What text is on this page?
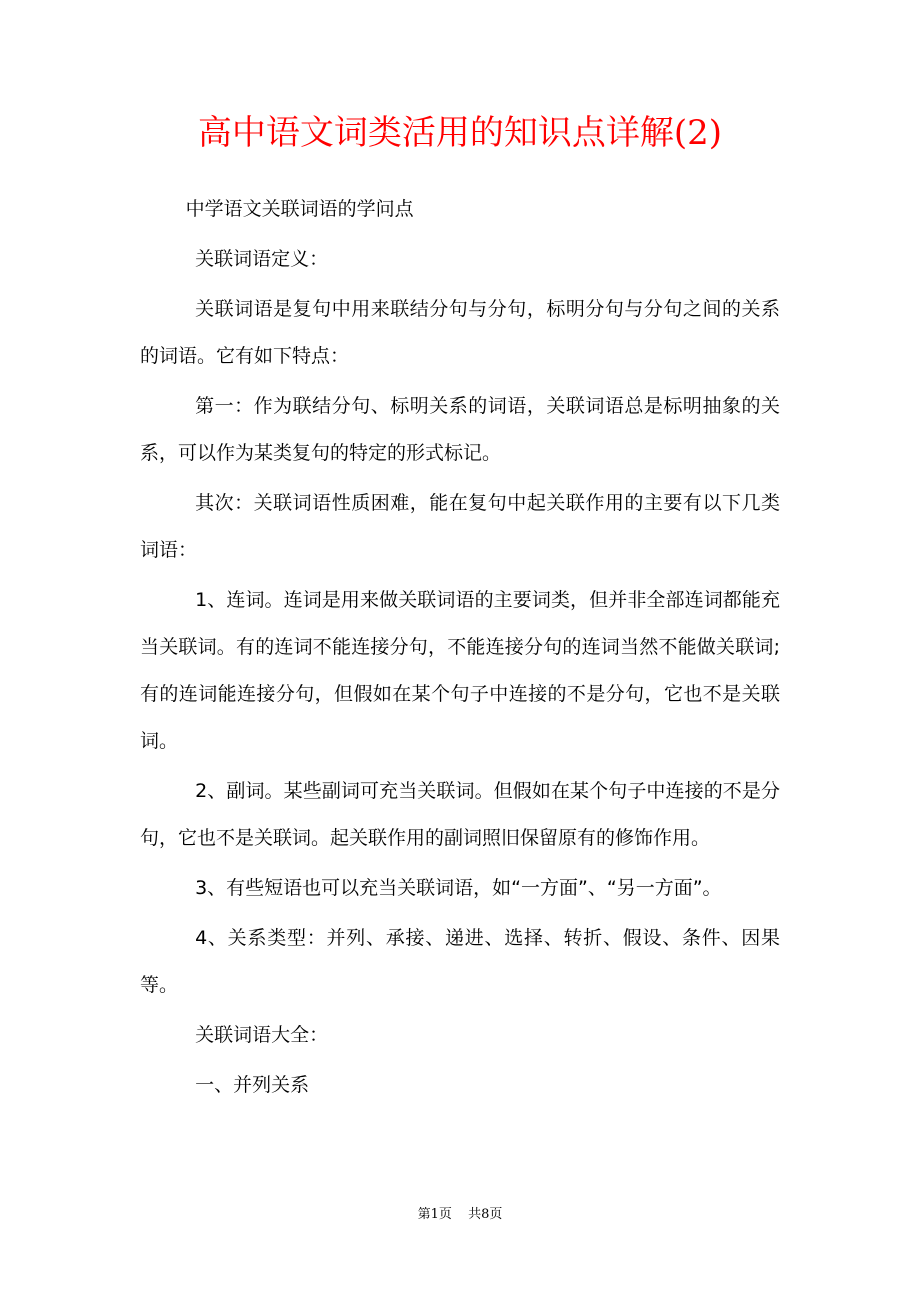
高中语文词类活用的知识点详解(2)

中学语文关联词语的学问点

关联词语定义：

关联词语是复句中用来联结分句与分句，标明分句与分句之间的关系的词语。它有如下特点：

第一：作为联结分句、标明关系的词语，关联词语总是标明抽象的关系，可以作为某类复句的特定的形式标记。

其次：关联词语性质困难，能在复句中起关联作用的主要有以下几类词语：

1、连词。连词是用来做关联词语的主要词类，但并非全部连词都能充当关联词。有的连词不能连接分句，不能连接分句的连词当然不能做关联词;有的连词能连接分句，但假如在某个句子中连接的不是分句，它也不是关联词。

2、副词。某些副词可充当关联词。但假如在某个句子中连接的不是分句，它也不是关联词。起关联作用的副词照旧保留原有的修饰作用。

3、有些短语也可以充当关联词语，如“一方面”、“另一方面”。

4、关系类型：并列、承接、递进、选择、转折、假设、条件、因果等。

关联词语大全：

一、并列关系

第1页 共8页
